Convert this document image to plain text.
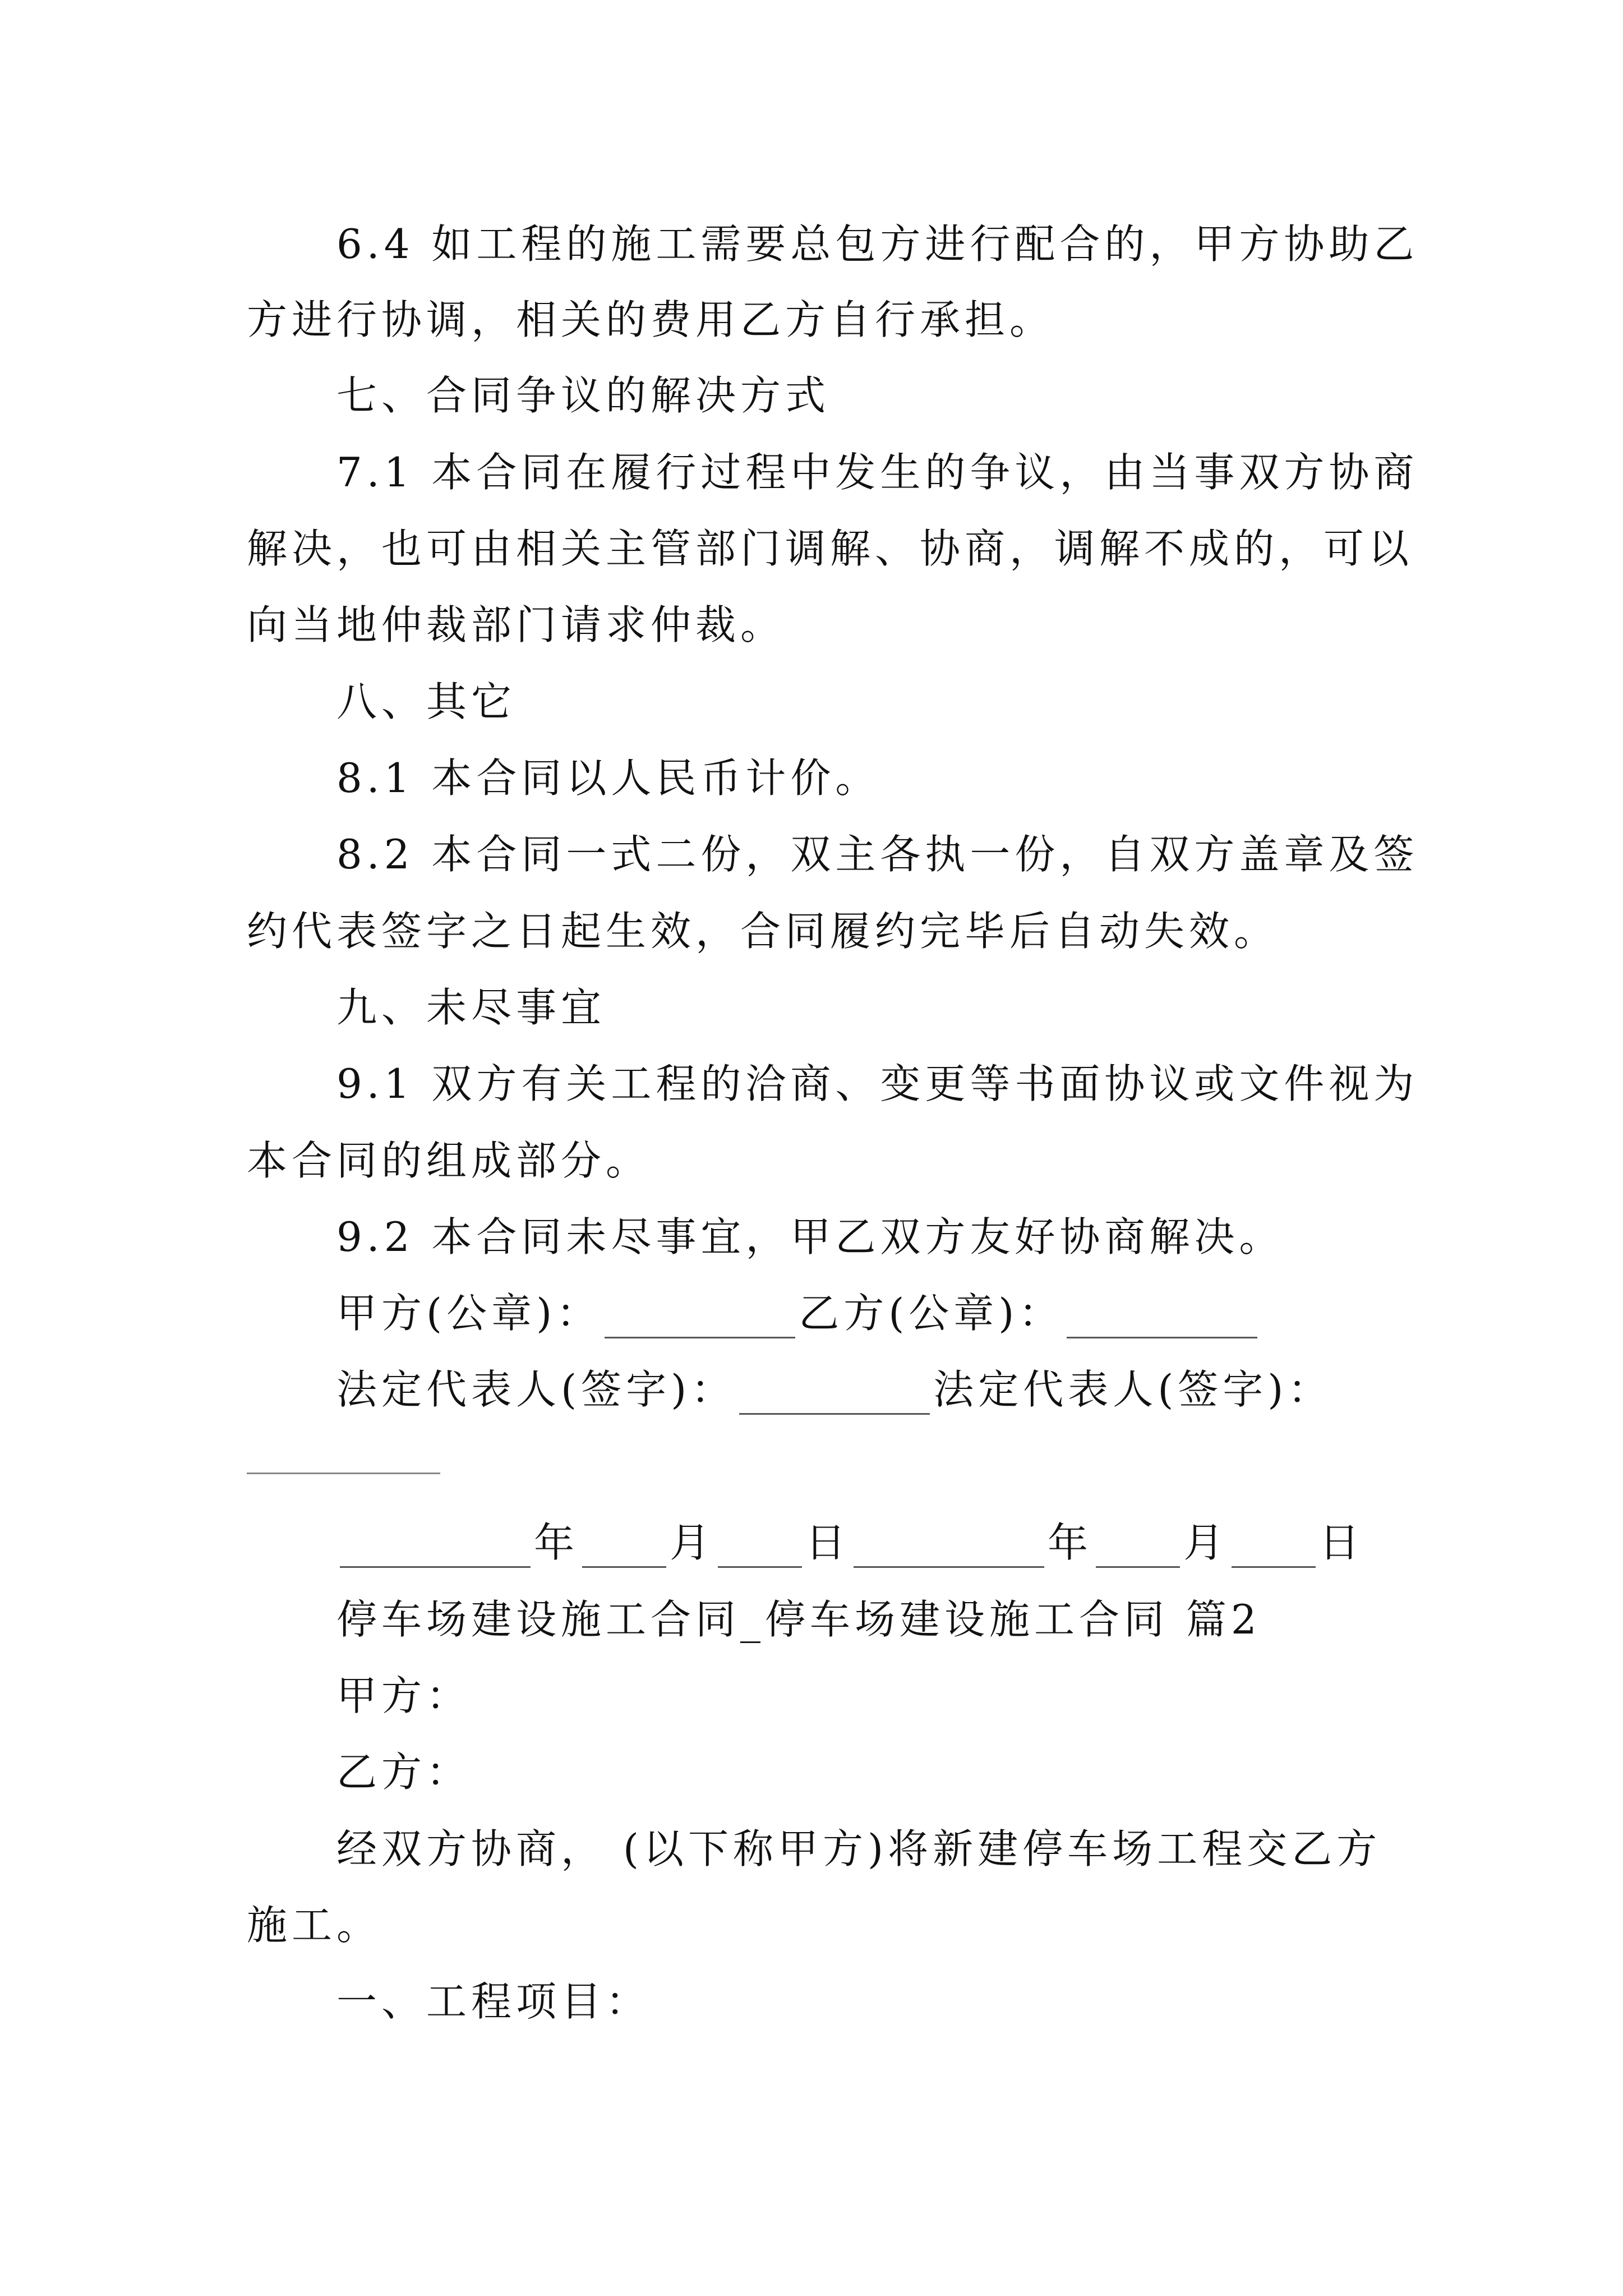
6.4 如工程的施工需要总包方进行配合的，甲方协助乙
方进行协调，相关的费用乙方自行承担。
七、合同争议的解决方式
7.1 本合同在履行过程中发生的争议，由当事双方协商
解决，也可由相关主管部门调解、协商，调解不成的，可以
向当地仲裁部门请求仲裁。
八、其它
8.1 本合同以人民币计价。
8.2 本合同一式二份，双主各执一份，自双方盖章及签
约代表签字之日起生效，合同履约完毕后自动失效。
九、未尽事宜
9.1 双方有关工程的洽商、变更等书面协议或文件视为
本合同的组成部分。
9.2 本合同未尽事宜，甲乙双方友好协商解决。
甲方(公章)：	乙方(公章)：
法定代表人(签字)：	法定代表人(签字)：
年 月 日	年 月 日
停车场建设施工合同_停车场建设施工合同 篇2
甲方：
乙方：
经双方协商， (以下称甲方)将新建停车场工程交乙方
施工。
一、工程项目：
